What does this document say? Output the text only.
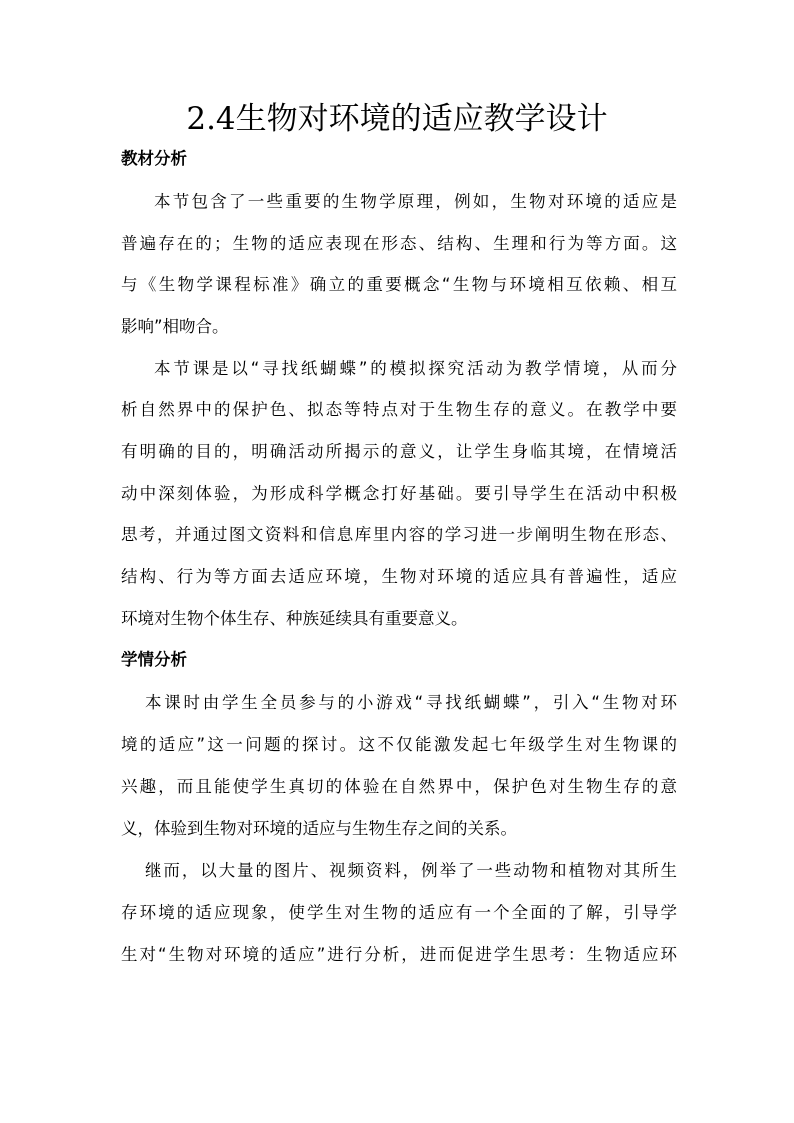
2.4生物对环境的适应教学设计
教材分析

本节包含了一些重要的生物学原理，例如，生物对环境的适应是

普遍存在的；生物的适应表现在形态、结构、生理和行为等方面。这

与《生物学课程标准》确立的重要概念“生物与环境相互依赖、相互

影响”相吻合。

本节课是以“寻找纸蝴蝶”的模拟探究活动为教学情境，从而分

析自然界中的保护色、拟态等特点对于生物生存的意义。在教学中要

有明确的目的，明确活动所揭示的意义，让学生身临其境，在情境活

动中深刻体验，为形成科学概念打好基础。要引导学生在活动中积极

思考，并通过图文资料和信息库里内容的学习进一步阐明生物在形态、

结构、行为等方面去适应环境，生物对环境的适应具有普遍性，适应

环境对生物个体生存、种族延续具有重要意义。

学情分析

本课时由学生全员参与的小游戏“寻找纸蝴蝶”，引入“生物对环

境的适应”这一问题的探讨。这不仅能激发起七年级学生对生物课的

兴趣，而且能使学生真切的体验在自然界中，保护色对生物生存的意

义，体验到生物对环境的适应与生物生存之间的关系。

继而，以大量的图片、视频资料，例举了一些动物和植物对其所生

存环境的适应现象，使学生对生物的适应有一个全面的了解，引导学

生对“生物对环境的适应”进行分析，进而促进学生思考：生物适应环
